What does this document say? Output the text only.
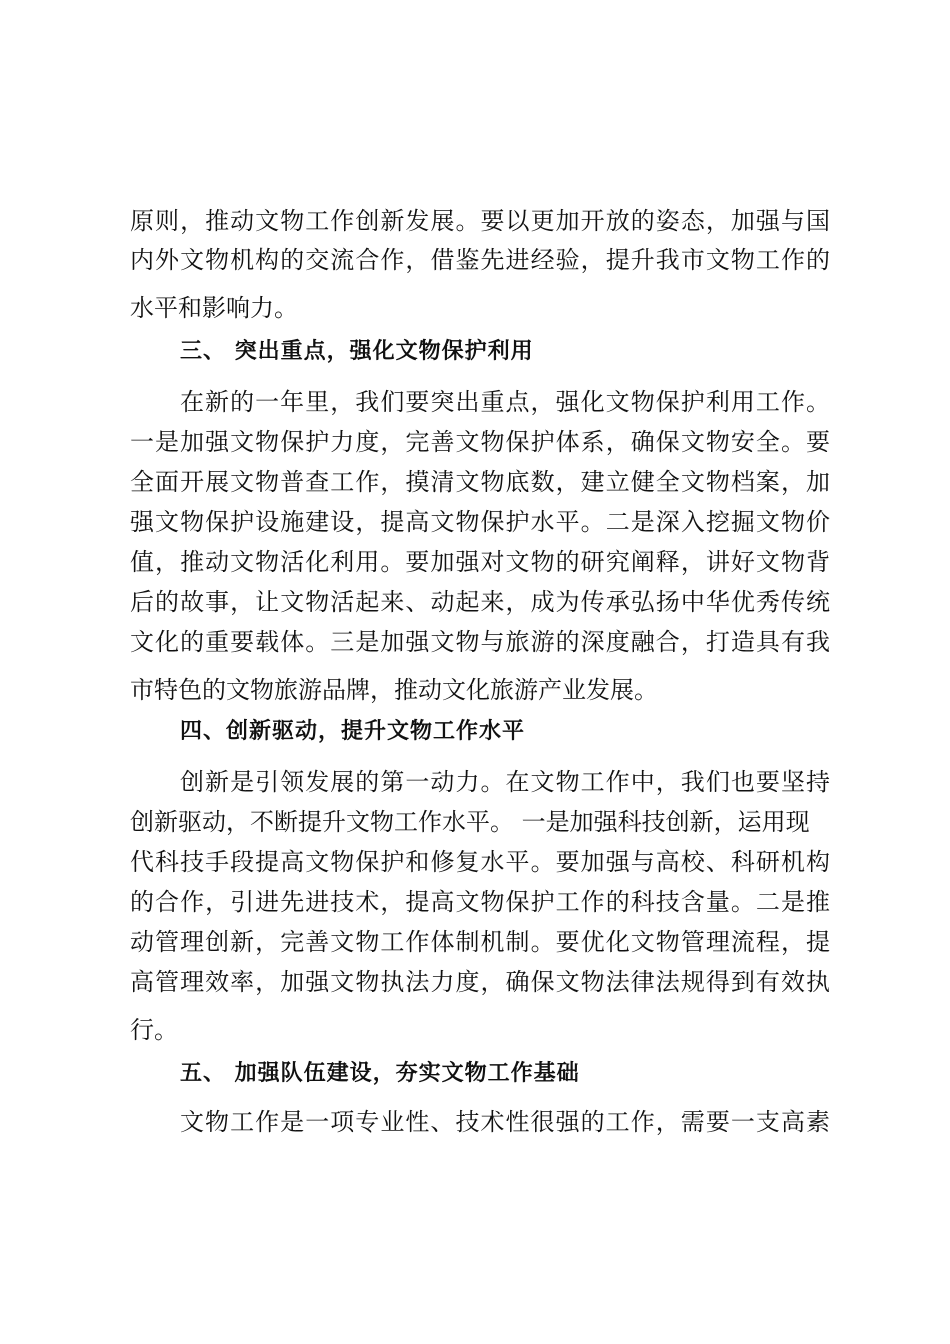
原则，推动文物工作创新发展。要以更加开放的姿态，加强与国
内外文物机构的交流合作，借鉴先进经验，提升我市文物工作的
水平和影响力。
三、 突出重点，强化文物保护利用
在新的一年里，我们要突出重点，强化文物保护利用工作。
一是加强文物保护力度，完善文物保护体系，确保文物安全。要
全面开展文物普查工作，摸清文物底数，建立健全文物档案，加
强文物保护设施建设，提高文物保护水平。二是深入挖掘文物价
值，推动文物活化利用。要加强对文物的研究阐释，讲好文物背
后的故事，让文物活起来、动起来，成为传承弘扬中华优秀传统
文化的重要载体。三是加强文物与旅游的深度融合，打造具有我
市特色的文物旅游品牌，推动文化旅游产业发展。
四、创新驱动，提升文物工作水平
创新是引领发展的第一动力。在文物工作中，我们也要坚持
创新驱动，不断提升文物工作水平。 一是加强科技创新，运用现
代科技手段提高文物保护和修复水平。要加强与高校、科研机构
的合作，引进先进技术，提高文物保护工作的科技含量。二是推
动管理创新，完善文物工作体制机制。要优化文物管理流程，提
高管理效率，加强文物执法力度，确保文物法律法规得到有效执
行。
五、 加强队伍建设，夯实文物工作基础
文物工作是一项专业性、技术性很强的工作，需要一支高素
